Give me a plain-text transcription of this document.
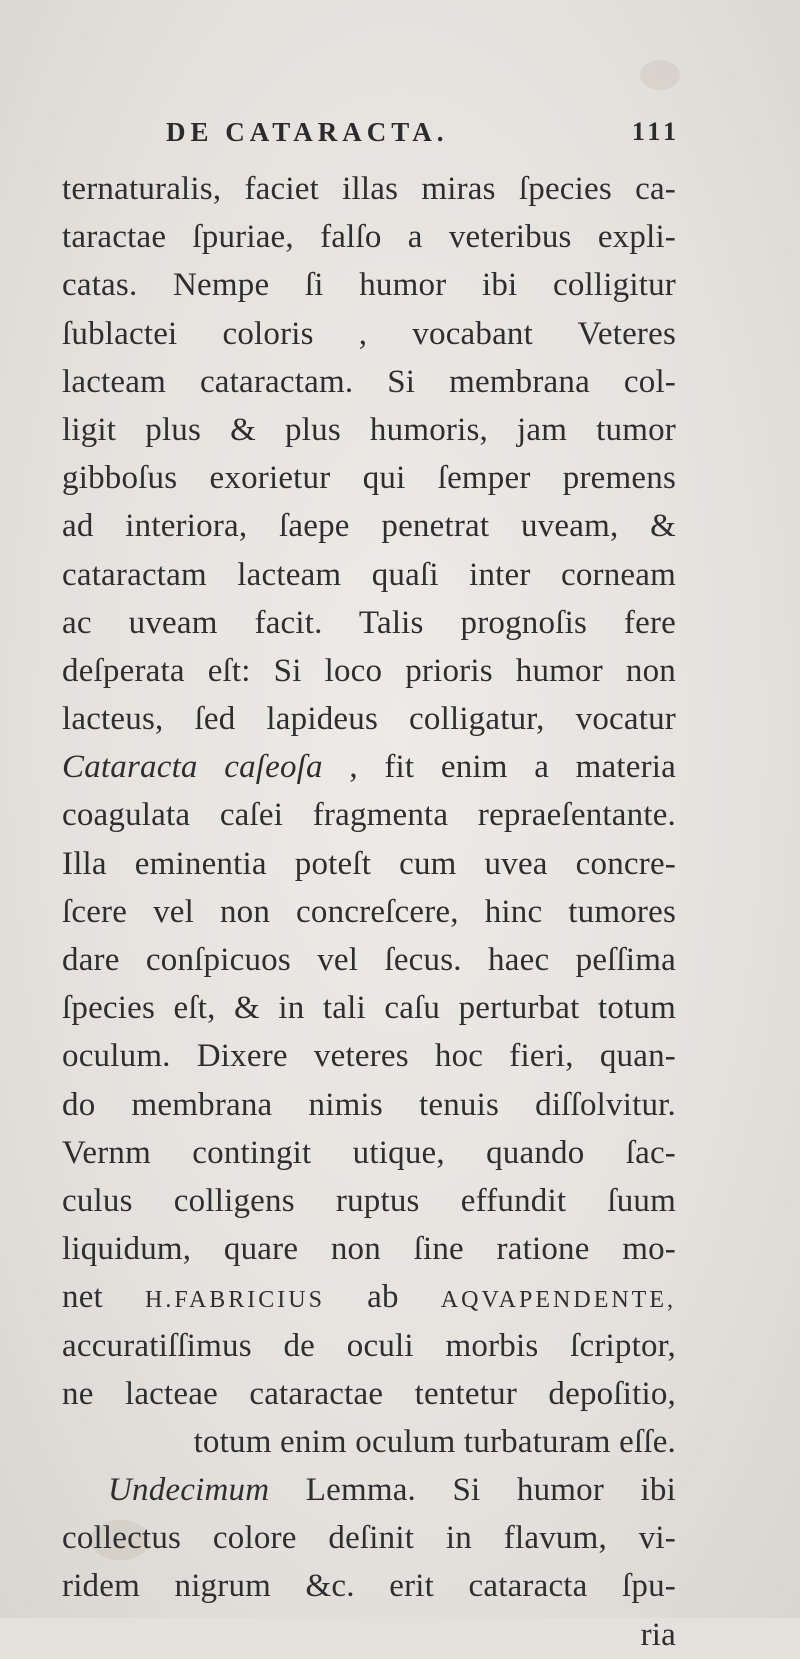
DE CATARACTA.	111
ternaturalis, faciet illas miras ſpecies ca-
taractae ſpuriae, falſo a veteribus expli-
catas. Nempe ſi humor ibi colligitur
ſublactei coloris , vocabant Veteres
lacteam cataractam. Si membrana col-
ligit plus & plus humoris, jam tumor
gibboſus exorietur qui ſemper premens
ad interiora, ſaepe penetrat uveam, &
cataractam lacteam quaſi inter corneam
ac uveam facit. Talis prognoſis fere
deſperata eſt: Si loco prioris humor non
lacteus, ſed lapideus colligatur, vocatur
Cataracta caſeoſa , fit enim a materia
coagulata caſei fragmenta repraeſentante.
Illa eminentia poteſt cum uvea concre-
ſcere vel non concreſcere, hinc tumores
dare conſpicuos vel ſecus. haec peſſima
ſpecies eſt, & in tali caſu perturbat totum
oculum. Dixere veteres hoc fieri, quan-
do membrana nimis tenuis diſſolvitur.
Vernm contingit utique, quando ſac-
culus colligens ruptus effundit ſuum
liquidum, quare non ſine ratione mo-
net H.FABRICIUS ab AQVAPENDENTE,
accuratiſſimus de oculi morbis ſcriptor,
ne lacteae cataractae tentetur depoſitio,
totum enim oculum turbaturam eſſe.
Undecimum Lemma. Si humor ibi
collectus colore deſinit in flavum, vi-
ridem nigrum &c. erit cataracta ſpu-
ria
